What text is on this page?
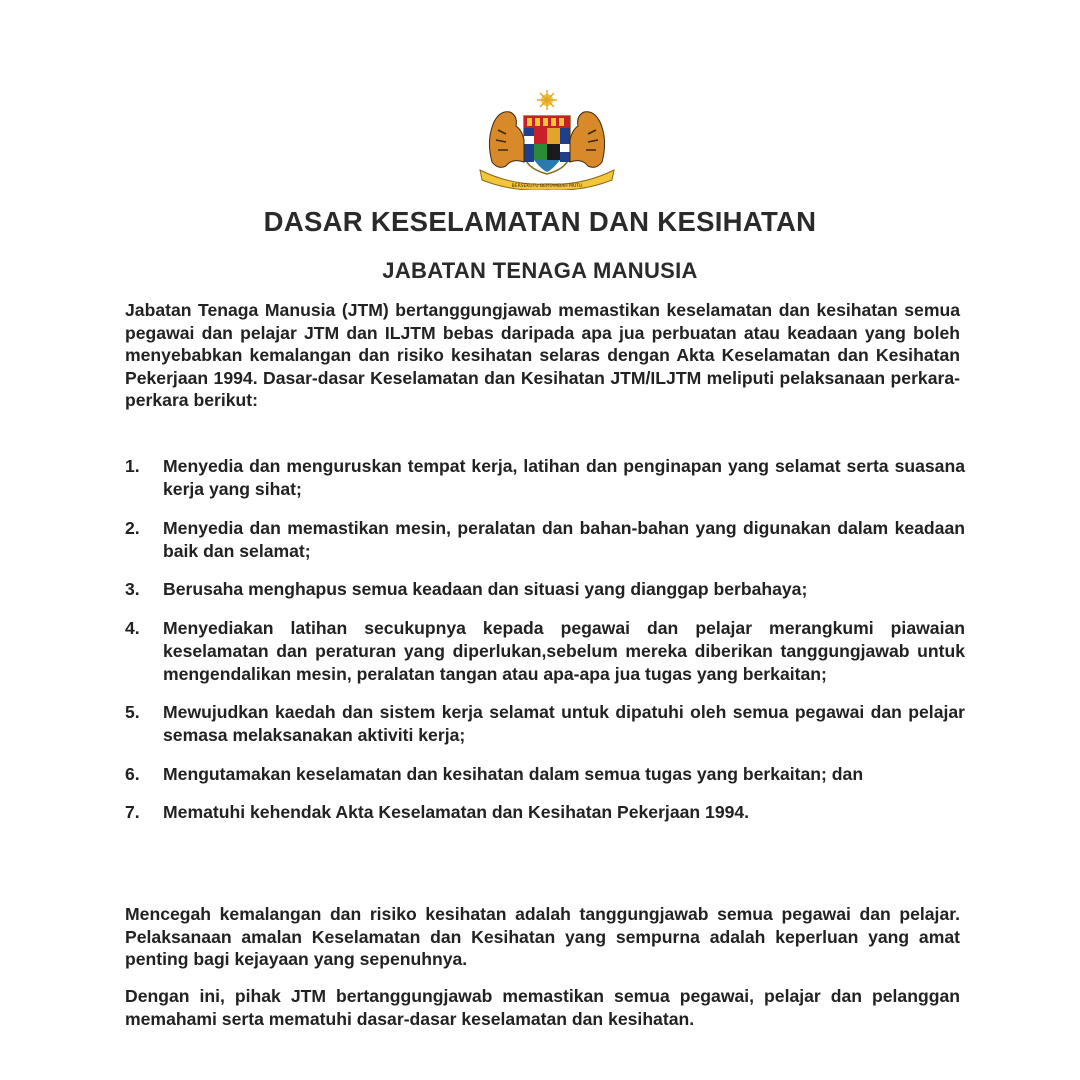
BERSEKUTU BERTAMBAH MUTU
DASAR KESELAMATAN DAN KESIHATAN
JABATAN TENAGA MANUSIA

Jabatan Tenaga Manusia (JTM) bertanggungjawab memastikan keselamatan dan kesihatan semua pegawai dan pelajar JTM dan ILJTM bebas daripada apa jua perbuatan atau keadaan yang boleh menyebabkan kemalangan dan risiko kesihatan selaras dengan Akta Keselamatan dan Kesihatan Pekerjaan 1994. Dasar-dasar Keselamatan dan Kesihatan JTM/ILJTM meliputi pelaksanaan perkara-perkara berikut:

1.	Menyedia dan menguruskan tempat kerja, latihan dan penginapan yang selamat serta suasana kerja yang sihat;
2.	Menyedia dan memastikan mesin, peralatan dan bahan-bahan yang digunakan dalam keadaan baik dan selamat;
3.	Berusaha menghapus semua keadaan dan situasi yang dianggap berbahaya;
4.	Menyediakan latihan secukupnya kepada pegawai dan pelajar merangkumi piawaian keselamatan dan peraturan yang diperlukan,sebelum mereka diberikan tanggungjawab untuk mengendalikan mesin, peralatan tangan atau apa-apa jua tugas yang berkaitan;
5.	Mewujudkan kaedah dan sistem kerja selamat untuk dipatuhi oleh semua pegawai dan pelajar semasa melaksanakan aktiviti kerja;
6.	Mengutamakan keselamatan dan kesihatan dalam semua tugas yang berkaitan; dan
7.	Mematuhi kehendak Akta Keselamatan dan Kesihatan Pekerjaan 1994.

Mencegah kemalangan dan risiko kesihatan adalah tanggungjawab semua pegawai dan pelajar. Pelaksanaan amalan Keselamatan dan Kesihatan yang sempurna adalah keperluan yang amat penting bagi kejayaan yang sepenuhnya.

Dengan ini, pihak JTM bertanggungjawab memastikan semua pegawai, pelajar dan pelanggan memahami serta mematuhi dasar-dasar keselamatan dan kesihatan.
